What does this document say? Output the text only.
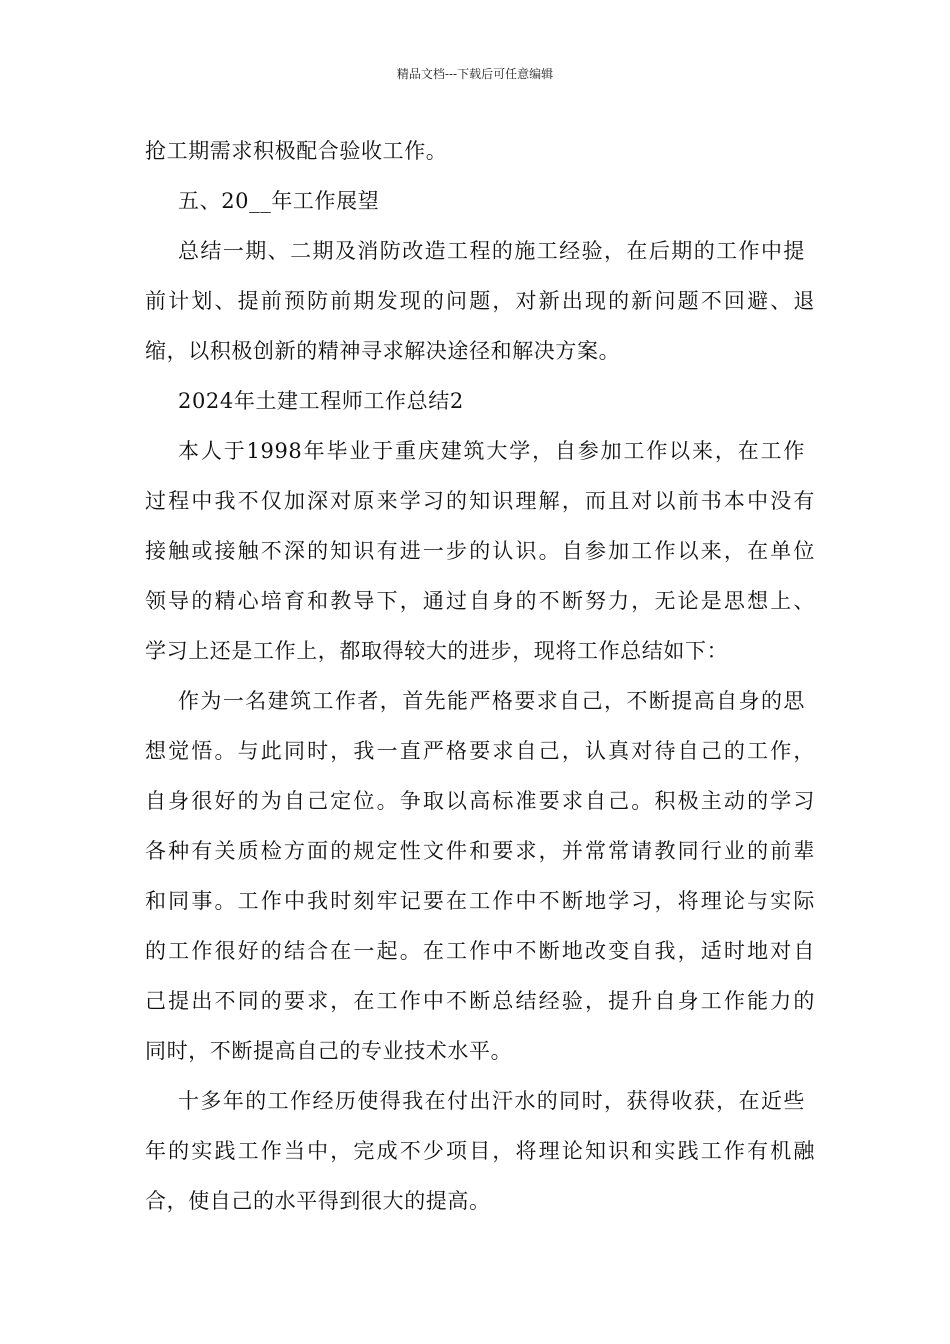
精品文档---下载后可任意编辑
抢工期需求积极配合验收工作。
五、20__年工作展望
总结一期、二期及消防改造工程的施工经验，在后期的工作中提
前计划、提前预防前期发现的问题，对新出现的新问题不回避、退
缩，以积极创新的精神寻求解决途径和解决方案。
2024年土建工程师工作总结2
本人于1998年毕业于重庆建筑大学，自参加工作以来，在工作
过程中我不仅加深对原来学习的知识理解，而且对以前书本中没有
接触或接触不深的知识有进一步的认识。自参加工作以来，在单位
领导的精心培育和教导下，通过自身的不断努力，无论是思想上、
学习上还是工作上，都取得较大的进步，现将工作总结如下：
作为一名建筑工作者，首先能严格要求自己，不断提高自身的思
想觉悟。与此同时，我一直严格要求自己，认真对待自己的工作，
自身很好的为自己定位。争取以高标准要求自己。积极主动的学习
各种有关质检方面的规定性文件和要求，并常常请教同行业的前辈
和同事。工作中我时刻牢记要在工作中不断地学习，将理论与实际
的工作很好的结合在一起。在工作中不断地改变自我，适时地对自
己提出不同的要求，在工作中不断总结经验，提升自身工作能力的
同时，不断提高自己的专业技术水平。
十多年的工作经历使得我在付出汗水的同时，获得收获，在近些
年的实践工作当中，完成不少项目，将理论知识和实践工作有机融
合，使自己的水平得到很大的提高。
